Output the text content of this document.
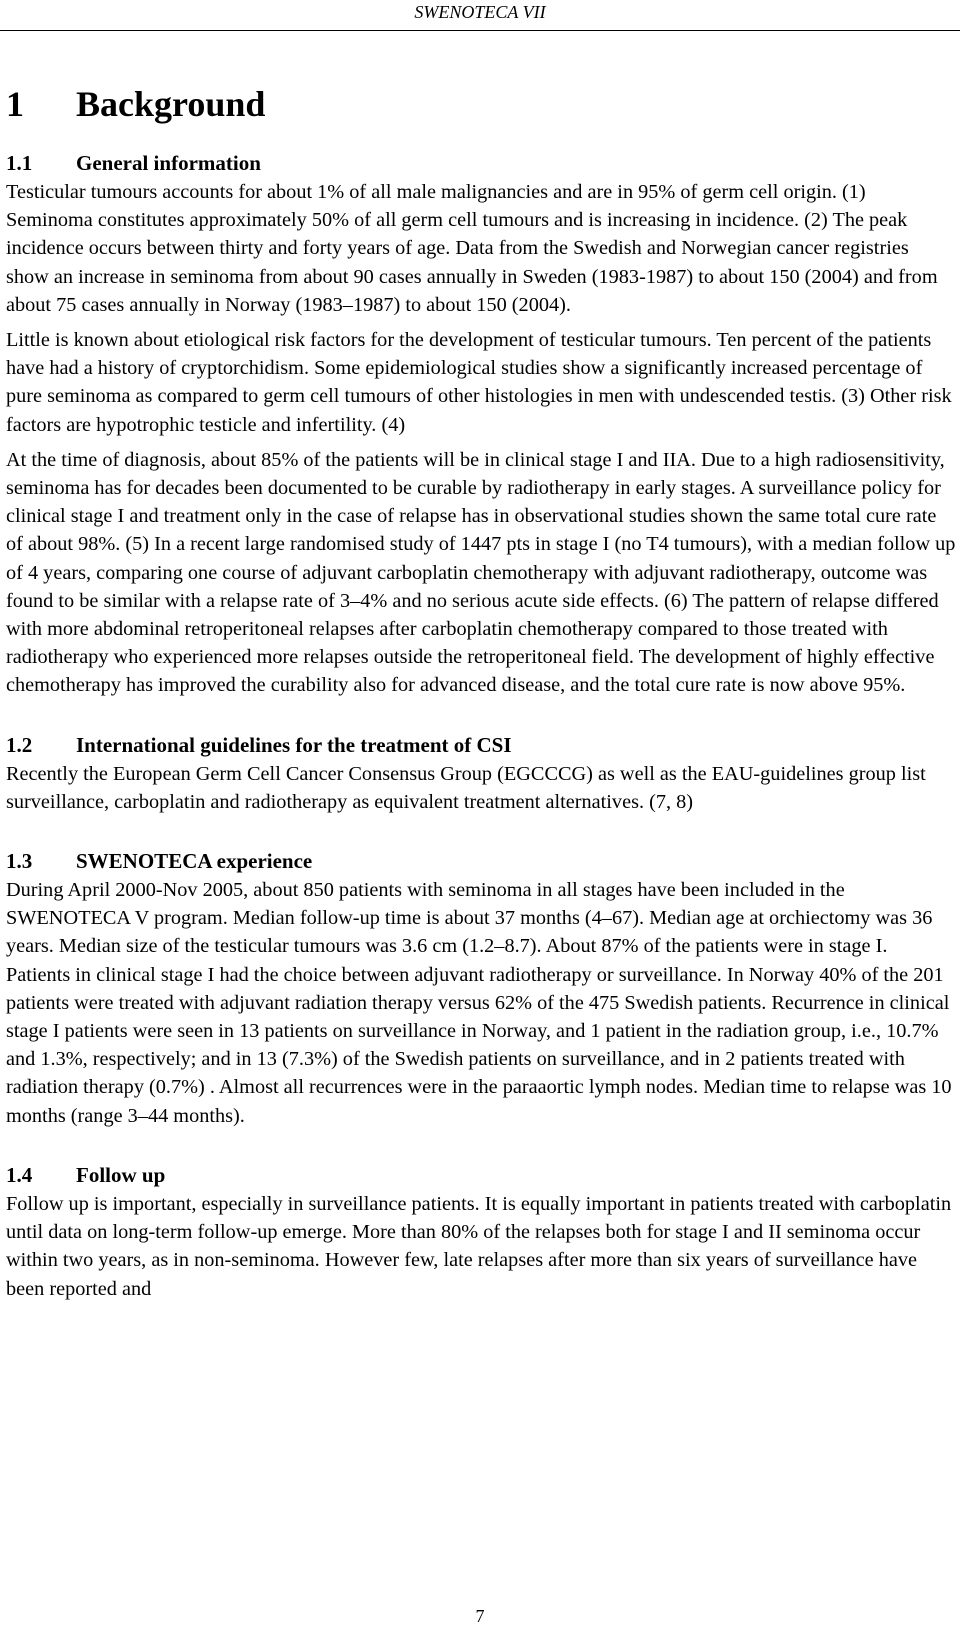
SWENOTECA VII
1 Background
1.1 General information

Testicular tumours accounts for about 1% of all male malignancies and are in 95% of germ cell origin. (1) Seminoma constitutes approximately 50% of all germ cell tumours and is increasing in incidence. (2) The peak incidence occurs between thirty and forty years of age. Data from the Swedish and Norwegian cancer registries show an increase in seminoma from about 90 cases annually in Sweden (1983-1987) to about 150 (2004) and from about 75 cases annually in Norway (1983–1987) to about 150 (2004).

Little is known about etiological risk factors for the development of testicular tumours. Ten percent of the patients have had a history of cryptorchidism. Some epidemiological studies show a significantly increased percentage of pure seminoma as compared to germ cell tumours of other histologies in men with undescended testis. (3) Other risk factors are hypotrophic testicle and infertility. (4)

At the time of diagnosis, about 85% of the patients will be in clinical stage I and IIA. Due to a high radiosensitivity, seminoma has for decades been documented to be curable by radiotherapy in early stages. A surveillance policy for clinical stage I and treatment only in the case of relapse has in observational studies shown the same total cure rate of about 98%. (5) In a recent large randomised study of 1447 pts in stage I (no T4 tumours), with a median follow up of 4 years, comparing one course of adjuvant carboplatin chemotherapy with adjuvant radiotherapy, outcome was found to be similar with a relapse rate of 3–4% and no serious acute side effects. (6) The pattern of relapse differed with more abdominal retroperitoneal relapses after carboplatin chemotherapy compared to those treated with radiotherapy who experienced more relapses outside the retroperitoneal field. The development of highly effective chemotherapy has improved the curability also for advanced disease, and the total cure rate is now above 95%.

1.2 International guidelines for the treatment of CSI

Recently the European Germ Cell Cancer Consensus Group (EGCCCG) as well as the EAU-guidelines group list surveillance, carboplatin and radiotherapy as equivalent treatment alternatives. (7, 8)

1.3 SWENOTECA experience

During April 2000-Nov 2005, about 850 patients with seminoma in all stages have been included in the SWENOTECA V program. Median follow-up time is about 37 months (4–67). Median age at orchiectomy was 36 years. Median size of the testicular tumours was 3.6 cm (1.2–8.7). About 87% of the patients were in stage I. Patients in clinical stage I had the choice between adjuvant radiotherapy or surveillance. In Norway 40% of the 201 patients were treated with adjuvant radiation therapy versus 62% of the 475 Swedish patients. Recurrence in clinical stage I patients were seen in 13 patients on surveillance in Norway, and 1 patient in the radiation group, i.e., 10.7% and 1.3%, respectively; and in 13 (7.3%) of the Swedish patients on surveillance, and in 2 patients treated with radiation therapy (0.7%) . Almost all recurrences were in the paraaortic lymph nodes. Median time to relapse was 10 months (range 3–44 months).

1.4 Follow up

Follow up is important, especially in surveillance patients. It is equally important in patients treated with carboplatin until data on long-term follow-up emerge. More than 80% of the relapses both for stage I and II seminoma occur within two years, as in non-seminoma. However few, late relapses after more than six years of surveillance have been reported and

7
